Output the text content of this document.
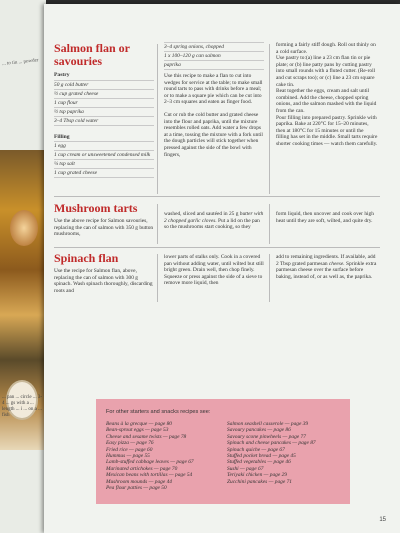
... to tin ... powder
... pan ... circle ... 3-4 ... gs with a ... length ... i ... on a ... fish
Salmon flan or savouries
Pastry
50 g cold butter
½ cup grated cheese
1 cup flour
½ tsp paprika
3–4 Tbsp cold water
Filling
1 egg
1 cup cream or unsweetened condensed milk
¼ tsp salt
1 cup grated cheese
3–4 spring onions, chopped
1 x 100–120 g can salmon
paprika

Use this recipe to make a flan to cut into wedges for service at the table; to make small round tarts to pass with drinks before a meal; or to make a square pie which can be cut into 2–3 cm squares and eaten as finger food.

Cut or rub the cold butter and grated cheese into the flour and paprika, until the mixture resembles rolled oats. Add water a few drops at a time, tossing the mixture with a fork until the dough particles will stick together when pressed against the side of the bowl with fingers,

forming a fairly stiff dough. Roll out thinly on a cold surface.

Use pastry to:(a) line a 23 cm flan tin or pie plate; or (b) line patty pans by cutting pastry into small rounds with a fluted cutter. (Re-roll and cut scraps too); or (c) line a 23 cm square cake tin.

Beat together the eggs, cream and salt until combined. Add the cheese, chopped spring onions, and the salmon mashed with the liquid from the can.

Pour filling into prepared pastry. Sprinkle with paprika. Bake at 220°C for 15–20 minutes, then at 180°C for 15 minutes or until the filling has set in the middle. Small tarts require shorter cooking times — watch them carefully.

Mushroom tarts

Use the above recipe for Salmon savouries, replacing the can of salmon with 350 g button mushrooms,

washed, sliced and sautéed in 25 g butter with 2 chopped garlic cloves. Put a lid on the pan so the mushrooms start cooking, so they

form liquid, then uncover and cook over high heat until they are soft, wilted, and quite dry.

Spinach flan

Use the recipe for Salmon flan, above, replacing the can of salmon with 300 g spinach. Wash spinach thoroughly, discarding roots and

lower parts of stalks only. Cook in a covered pan without adding water, until wilted but still bright green. Drain well, then chop finely. Squeeze or press against the side of a sieve to remove more liquid, then

add to remaining ingredients. If available, add 2 Tbsp grated parmesan cheese. Sprinkle extra parmesan cheese over the surface before baking, instead of, or as well as, the paprika.

For other starters and snacks recipes see:
Beans à la grecque — page 80
Bean-sprout eggs — page 53
Cheese and sesame twists — page 78
Easy pizza — page 76
Fried rice — page 60
Hummus — page 55
Lamb-stuffed cabbage leaves — page 67
Marinated artichokes — page 70
Mexican beans with tortillas — page 54
Mushroom mounds — page 44
Pea flour patties — page 50
Salmon seashell casserole — page 39
Savoury pancakes — page 86
Savoury scone pinwheels — page 77
Spinach and cheese pancakes — page 87
Spinach quiche — page 67
Stuffed pocket bread — page 45
Stuffed vegetables — page 46
Sushi — page 67
Teriyaki chicken — page 29
Zucchini pancakes — page 71
15
